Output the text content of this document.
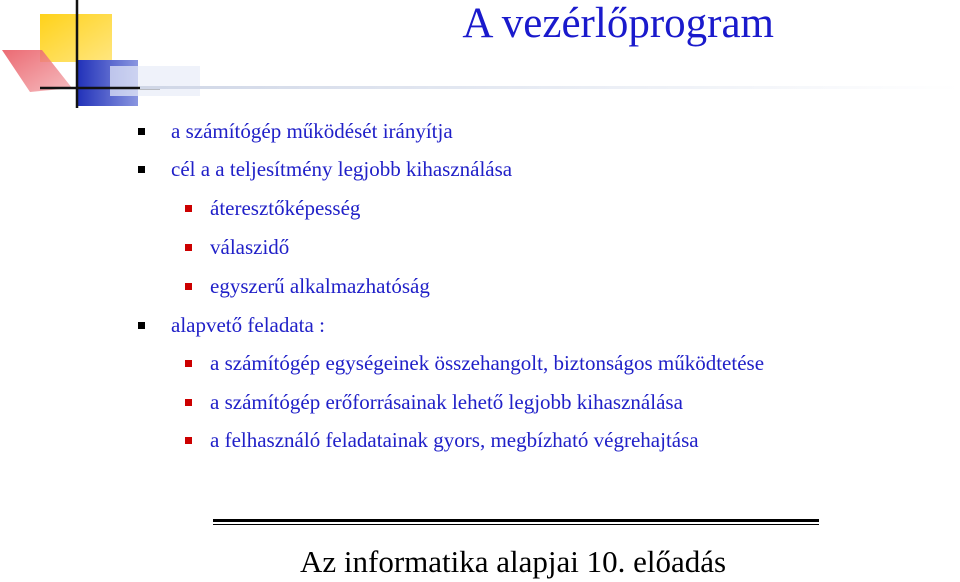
A vezérlőprogram
a számítógép működését irányítja
cél a a teljesítmény legjobb kihasználása
áteresztőképesség
válaszidő
egyszerű alkalmazhatóság
alapvető feladata :
a számítógép egységeinek összehangolt, biztonságos működtetése
a számítógép erőforrásainak lehető legjobb kihasználása
a felhasználó feladatainak gyors, megbízható végrehajtása
Az informatika alapjai 10. előadás
